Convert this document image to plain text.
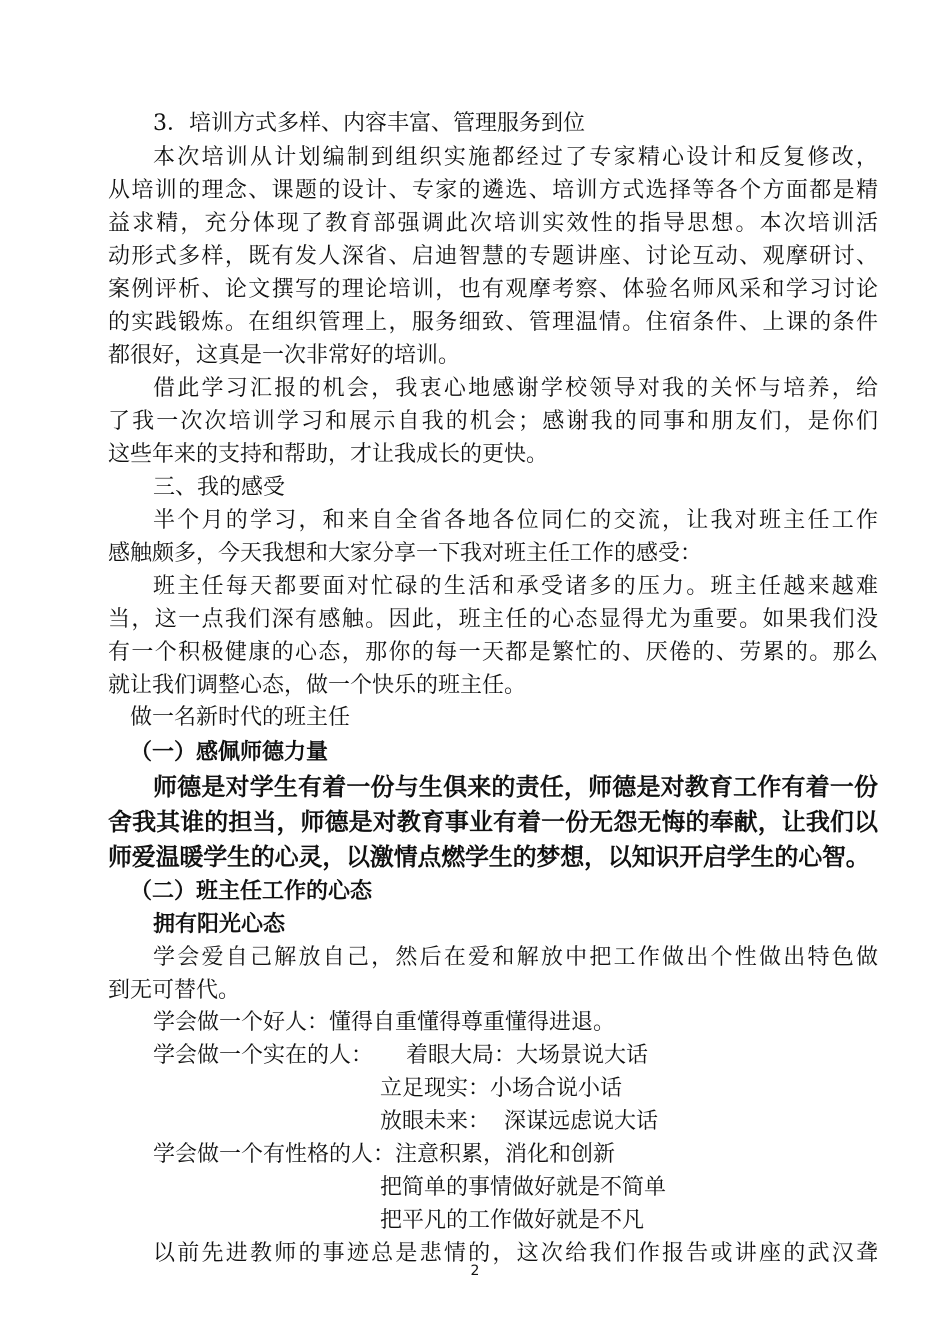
3．培训方式多样、内容丰富、管理服务到位
本次培训从计划编制到组织实施都经过了专家精心设计和反复修改，
从培训的理念、课题的设计、专家的遴选、培训方式选择等各个方面都是精
益求精，充分体现了教育部强调此次培训实效性的指导思想。本次培训活
动形式多样，既有发人深省、启迪智慧的专题讲座、讨论互动、观摩研讨、
案例评析、论文撰写的理论培训，也有观摩考察、体验名师风采和学习讨论
的实践锻炼。在组织管理上，服务细致、管理温情。住宿条件、上课的条件
都很好，这真是一次非常好的培训。
借此学习汇报的机会，我衷心地感谢学校领导对我的关怀与培养，给
了我一次次培训学习和展示自我的机会；感谢我的同事和朋友们，是你们
这些年来的支持和帮助，才让我成长的更快。
三、我的感受
半个月的学习，和来自全省各地各位同仁的交流，让我对班主任工作
感触颇多，今天我想和大家分享一下我对班主任工作的感受：
班主任每天都要面对忙碌的生活和承受诸多的压力。班主任越来越难
当，这一点我们深有感触。因此，班主任的心态显得尤为重要。如果我们没
有一个积极健康的心态，那你的每一天都是繁忙的、厌倦的、劳累的。那么
就让我们调整心态，做一个快乐的班主任。
做一名新时代的班主任
（一）感佩师德力量
师德是对学生有着一份与生俱来的责任，师德是对教育工作有着一份
舍我其谁的担当，师德是对教育事业有着一份无怨无悔的奉献，让我们以
师爱温暖学生的心灵，以激情点燃学生的梦想，以知识开启学生的心智。
（二）班主任工作的心态
拥有阳光心态
学会爱自己解放自己，然后在爱和解放中把工作做出个性做出特色做
到无可替代。
学会做一个好人：懂得自重懂得尊重懂得进退。
学会做一个实在的人：	着眼大局：大场景说大话
立足现实：小场合说小话
放眼未来：  深谋远虑说大话
学会做一个有性格的人：注意积累，消化和创新
把简单的事情做好就是不简单
把平凡的工作做好就是不凡
以前先进教师的事迹总是悲情的，这次给我们作报告或讲座的武汉聋
2
